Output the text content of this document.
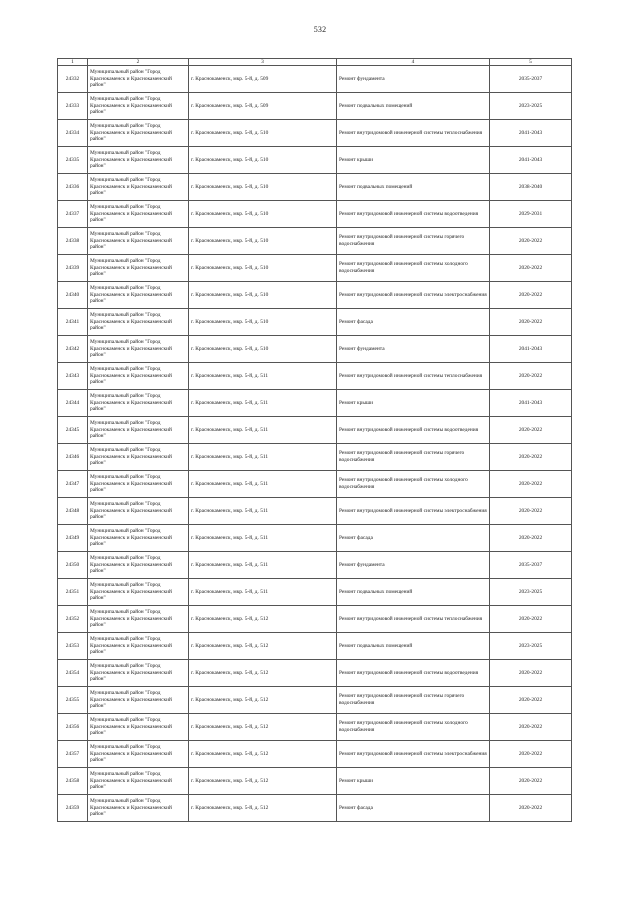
532
1	2	3	4	5
24332	Муниципальный район "Город Краснокаменск и Краснокаменский район"	г. Краснокаменск, мкр. 5-й, д. 509	Ремонт фундамента	2035-2037
24333	Муниципальный район "Город Краснокаменск и Краснокаменский район"	г. Краснокаменск, мкр. 5-й, д. 509	Ремонт подвальных помещений	2023-2025
24334	Муниципальный район "Город Краснокаменск и Краснокаменский район"	г. Краснокаменск, мкр. 5-й, д. 510	Ремонт внутридомовой инженерной системы теплоснабжения	2041-2043
24335	Муниципальный район "Город Краснокаменск и Краснокаменский район"	г. Краснокаменск, мкр. 5-й, д. 510	Ремонт крыши	2041-2043
24336	Муниципальный район "Город Краснокаменск и Краснокаменский район"	г. Краснокаменск, мкр. 5-й, д. 510	Ремонт подвальных помещений	2038-2040
24337	Муниципальный район "Город Краснокаменск и Краснокаменский район"	г. Краснокаменск, мкр. 5-й, д. 510	Ремонт внутридомовой инженерной системы водоотведения	2029-2031
24338	Муниципальный район "Город Краснокаменск и Краснокаменский район"	г. Краснокаменск, мкр. 5-й, д. 510	Ремонт внутридомовой инженерной системы горячего водоснабжения	2020-2022
24339	Муниципальный район "Город Краснокаменск и Краснокаменский район"	г. Краснокаменск, мкр. 5-й, д. 510	Ремонт внутридомовой инженерной системы холодного водоснабжения	2020-2022
24340	Муниципальный район "Город Краснокаменск и Краснокаменский район"	г. Краснокаменск, мкр. 5-й, д. 510	Ремонт внутридомовой инженерной системы электроснабжения	2020-2022
24341	Муниципальный район "Город Краснокаменск и Краснокаменский район"	г. Краснокаменск, мкр. 5-й, д. 510	Ремонт фасада	2020-2022
24342	Муниципальный район "Город Краснокаменск и Краснокаменский район"	г. Краснокаменск, мкр. 5-й, д. 510	Ремонт фундамента	2041-2043
24343	Муниципальный район "Город Краснокаменск и Краснокаменский район"	г. Краснокаменск, мкр. 5-й, д. 511	Ремонт внутридомовой инженерной системы теплоснабжения	2020-2022
24344	Муниципальный район "Город Краснокаменск и Краснокаменский район"	г. Краснокаменск, мкр. 5-й, д. 511	Ремонт крыши	2041-2043
24345	Муниципальный район "Город Краснокаменск и Краснокаменский район"	г. Краснокаменск, мкр. 5-й, д. 511	Ремонт внутридомовой инженерной системы водоотведения	2020-2022
24346	Муниципальный район "Город Краснокаменск и Краснокаменский район"	г. Краснокаменск, мкр. 5-й, д. 511	Ремонт внутридомовой инженерной системы горячего водоснабжения	2020-2022
24347	Муниципальный район "Город Краснокаменск и Краснокаменский район"	г. Краснокаменск, мкр. 5-й, д. 511	Ремонт внутридомовой инженерной системы холодного водоснабжения	2020-2022
24348	Муниципальный район "Город Краснокаменск и Краснокаменский район"	г. Краснокаменск, мкр. 5-й, д. 511	Ремонт внутридомовой инженерной системы электроснабжения	2020-2022
24349	Муниципальный район "Город Краснокаменск и Краснокаменский район"	г. Краснокаменск, мкр. 5-й, д. 511	Ремонт фасада	2020-2022
24350	Муниципальный район "Город Краснокаменск и Краснокаменский район"	г. Краснокаменск, мкр. 5-й, д. 511	Ремонт фундамента	2035-2037
24351	Муниципальный район "Город Краснокаменск и Краснокаменский район"	г. Краснокаменск, мкр. 5-й, д. 511	Ремонт подвальных помещений	2023-2025
24352	Муниципальный район "Город Краснокаменск и Краснокаменский район"	г. Краснокаменск, мкр. 5-й, д. 512	Ремонт внутридомовой инженерной системы теплоснабжения	2020-2022
24353	Муниципальный район "Город Краснокаменск и Краснокаменский район"	г. Краснокаменск, мкр. 5-й, д. 512	Ремонт подвальных помещений	2023-2025
24354	Муниципальный район "Город Краснокаменск и Краснокаменский район"	г. Краснокаменск, мкр. 5-й, д. 512	Ремонт внутридомовой инженерной системы водоотведения	2020-2022
24355	Муниципальный район "Город Краснокаменск и Краснокаменский район"	г. Краснокаменск, мкр. 5-й, д. 512	Ремонт внутридомовой инженерной системы горячего водоснабжения	2020-2022
24356	Муниципальный район "Город Краснокаменск и Краснокаменский район"	г. Краснокаменск, мкр. 5-й, д. 512	Ремонт внутридомовой инженерной системы холодного водоснабжения	2020-2022
24357	Муниципальный район "Город Краснокаменск и Краснокаменский район"	г. Краснокаменск, мкр. 5-й, д. 512	Ремонт внутридомовой инженерной системы электроснабжения	2020-2022
24358	Муниципальный район "Город Краснокаменск и Краснокаменский район"	г. Краснокаменск, мкр. 5-й, д. 512	Ремонт крыши	2020-2022
24359	Муниципальный район "Город Краснокаменск и Краснокаменский район"	г. Краснокаменск, мкр. 5-й, д. 512	Ремонт фасада	2020-2022
